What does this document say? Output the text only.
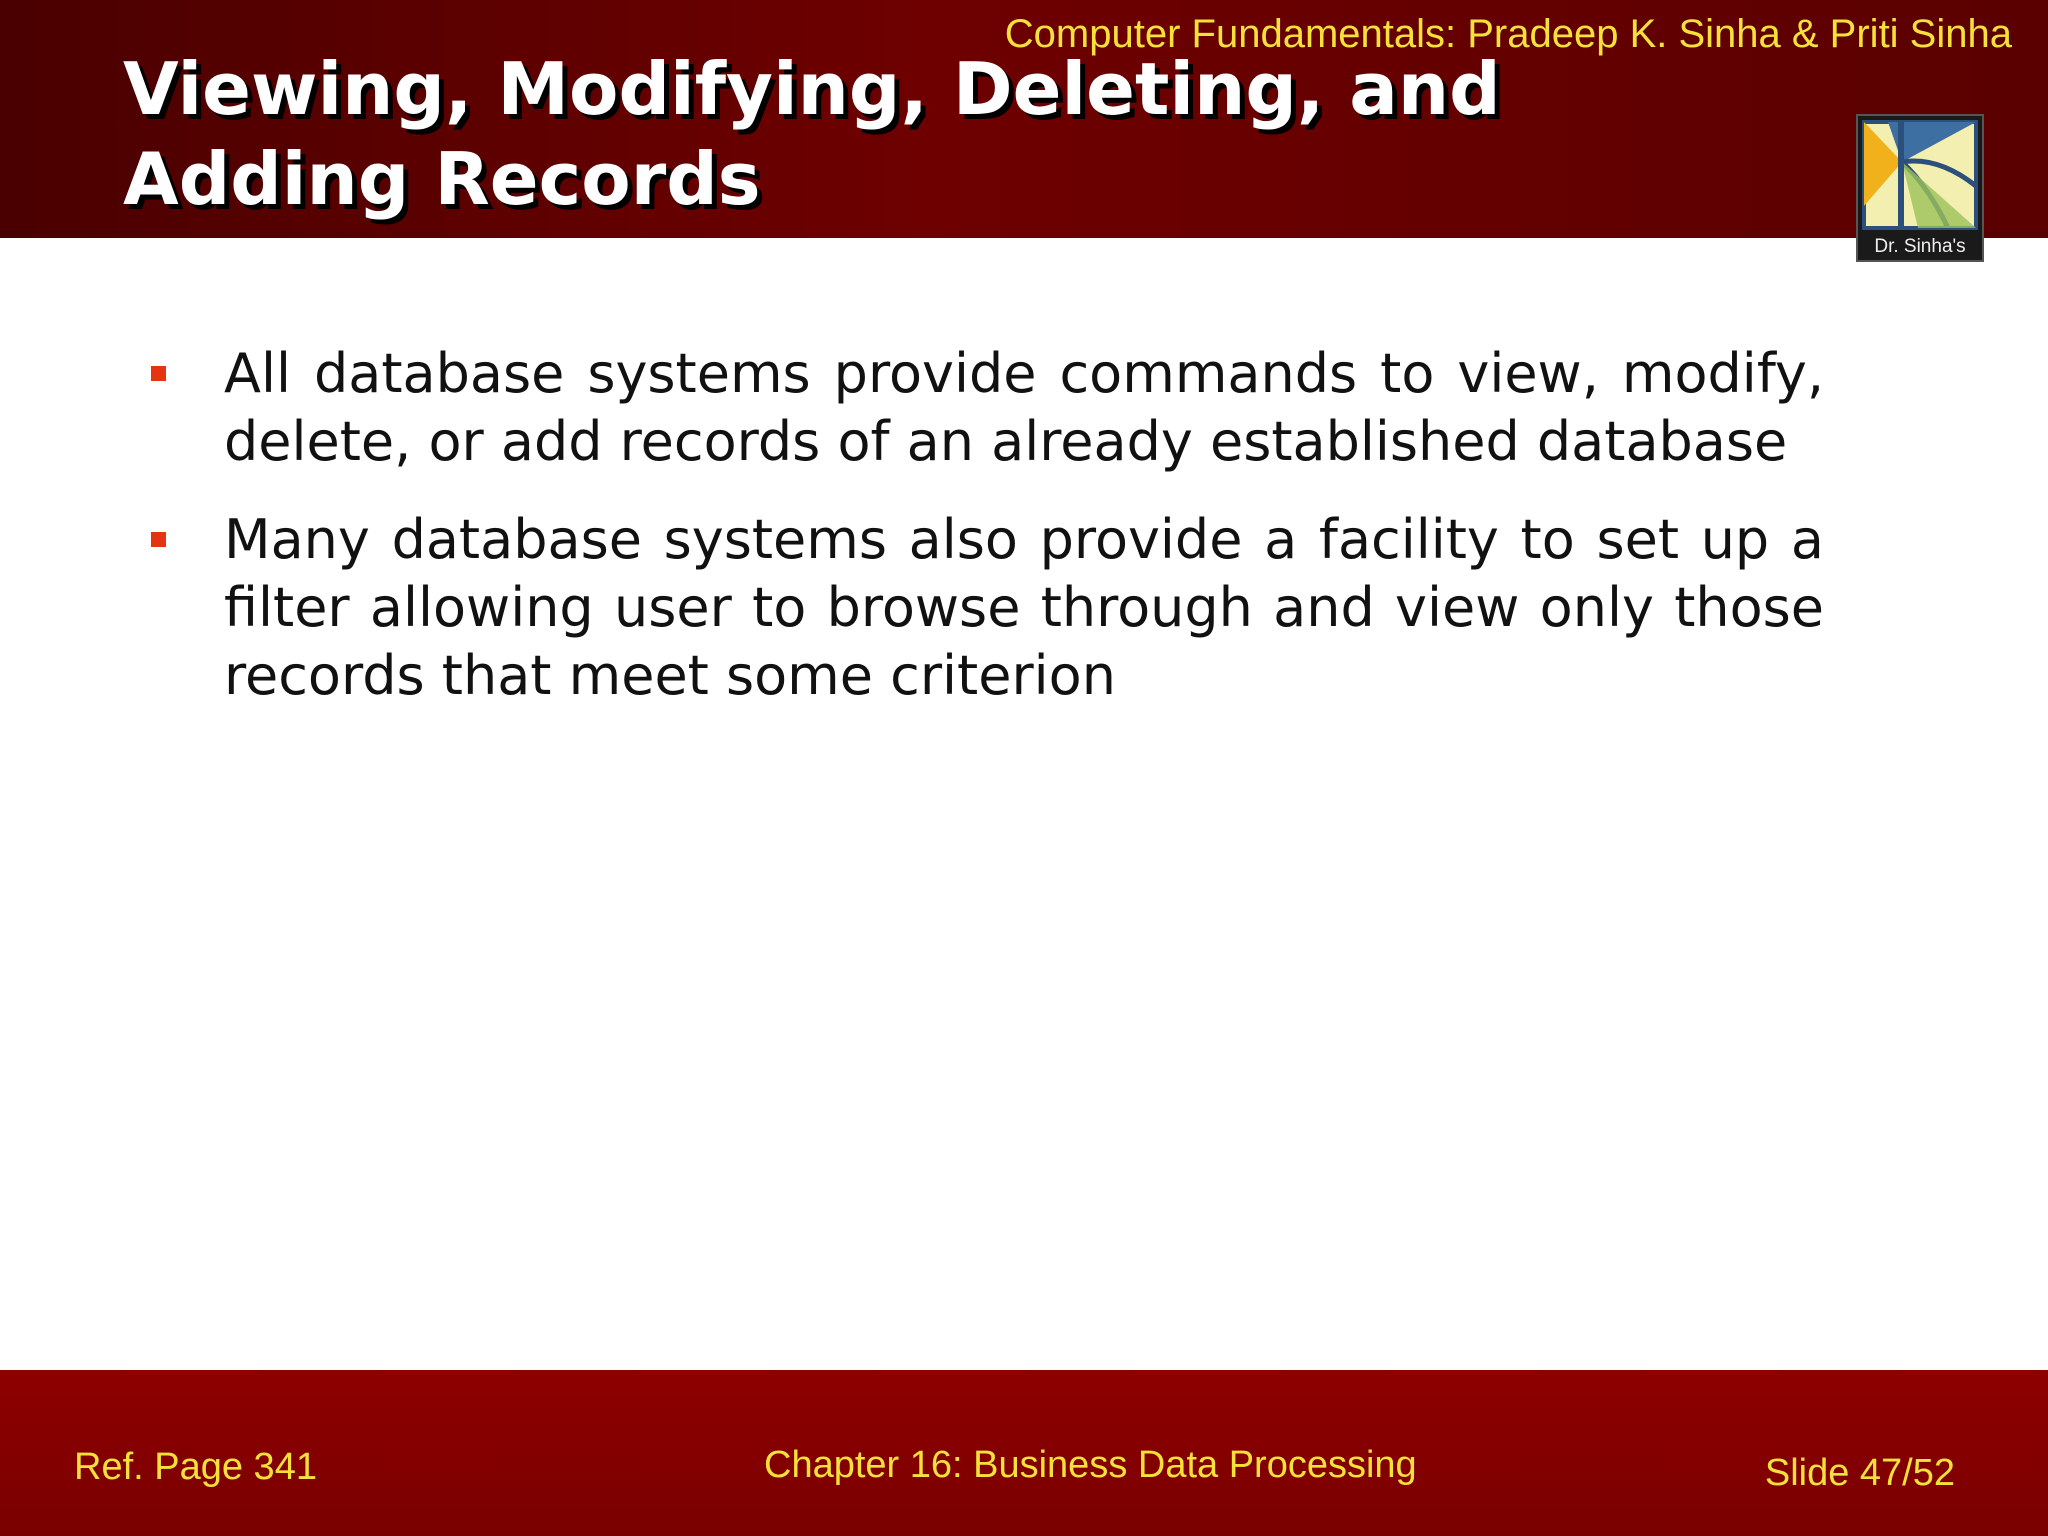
Computer Fundamentals: Pradeep K. Sinha & Priti Sinha
Viewing, Modifying, Deleting, and
Adding Records
Dr. Sinha's
All database systems provide commands to view, modify, delete, or add records of an already established database
Many database systems also provide a facility to set up a filter allowing user to browse through and view only those records that meet some criterion
Ref. Page 341	Chapter 16: Business Data Processing	Slide 47/52
